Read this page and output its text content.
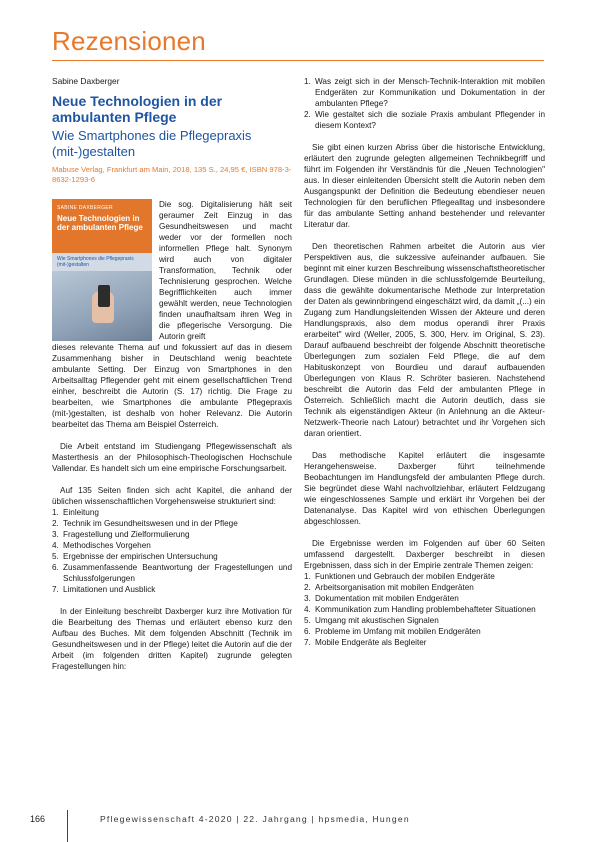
Rezensionen
Sabine Daxberger
Neue Technologien in der ambulanten Pflege
Wie Smartphones die Pflegepraxis (mit-)gestalten
Mabuse Verlag, Frankfurt am Main, 2018, 135 S., 24,95 €, ISBN 978-3-8632-1293-6
SABINE DAXBERGER
Neue Technologien in der ambulanten Pflege
Wie Smartphones die Pflegepraxis (mit-)gestalten

Die sog. Digitalisierung hält seit geraumer Zeit Einzug in das Gesundheitswesen und macht weder vor der formellen noch informellen Pflege halt. Synonym wird auch von digitaler Transformation, Technik oder Technisierung gesprochen. Welche Begrifflichkeiten auch immer gewählt werden, neue Technologien finden unaufhaltsam ihren Weg in die pflegerische Versorgung. Die Autorin greift

dieses relevante Thema auf und fokussiert auf das in diesem Zusammenhang bisher in Deutschland wenig beachtete ambulante Setting. Der Einzug von Smartphones in den Arbeitsalltag Pflegender geht mit einem gesellschaftlichen Trend einher, beschreibt die Autorin (S. 17) richtig. Die Frage zu bearbeiten, wie Smartphones die ambulante Pflegepraxis (mit-)gestalten, ist deshalb von hoher Relevanz. Die Autorin bearbeitet das Thema am Beispiel Österreich.

Die Arbeit entstand im Studiengang Pflegewissenschaft als Masterthesis an der Philosophisch-Theologischen Hochschule Vallendar. Es handelt sich um eine empirische Forschungsarbeit.

Auf 135 Seiten finden sich acht Kapitel, die anhand der üblichen wissenschaftlichen Vorgehensweise strukturiert sind:

1. Einleitung
2. Technik im Gesundheitswesen und in der Pflege
3. Fragestellung und Zielformulierung
4. Methodisches Vorgehen
5. Ergebnisse der empirischen Untersuchung
6. Zusammenfassende Beantwortung der Fragestellungen und Schlussfolgerungen
7. Limitationen und Ausblick

In der Einleitung beschreibt Daxberger kurz ihre Motivation für die Bearbeitung des Themas und erläutert ebenso kurz den Aufbau des Buches. Mit dem folgenden Abschnitt (Technik im Gesundheitswesen und in der Pflege) leitet die Autorin auf die der Arbeit (im folgenden dritten Kapitel) zugrunde gelegten Fragestellungen hin:

1. Was zeigt sich in der Mensch-Technik-Interaktion mit mobilen Endgeräten zur Kommunikation und Dokumentation in der ambulanten Pflege?
2. Wie gestaltet sich die soziale Praxis ambulant Pflegender in diesem Kontext?

Sie gibt einen kurzen Abriss über die historische Entwicklung, erläutert den zugrunde gelegten allgemeinen Technikbegriff und führt im Folgenden ihr Verständnis für die „Neuen Technologien" aus. In dieser einleitenden Übersicht stellt die Autorin neben dem Ausgangspunkt der Definition die Bedeutung ebendieser neuen Technologien für den beruflichen Pflegealltag und insbesondere für das ambulante Setting anhand bestehender und relevanter Literatur dar.

Den theoretischen Rahmen arbeitet die Autorin aus vier Perspektiven aus, die sukzessive aufeinander aufbauen. Sie beginnt mit einer kurzen Beschreibung wissenschaftstheoretischer Grundlagen. Diese münden in die schlussfolgernde Beurteilung, dass die gewählte dokumentarische Methode zur Interpretation der Daten als gewinnbringend eingeschätzt wird, da damit „(...) ein Zugang zum Handlungsleitenden Wissen der Akteure und deren Handlungspraxis, also dem modus operandi ihrer Praxis erarbeitet" wird (Weller, 2005, S. 300, Herv. im Original, S. 23). Darauf aufbauend beschreibt der folgende Abschnitt theoretische Überlegungen zum sozialen Feld Pflege, die auf dem Habituskonzept von Bourdieu und darauf aufbauenden Überlegungen von Klaus R. Schröter basieren. Nachstehend beschreibt die Autorin das Feld der ambulanten Pflege in Österreich. Schließlich macht die Autorin deutlich, dass sie Technik als eigenständigen Akteur (in Anlehnung an die Akteur-Netzwerk-Theorie nach Latour) betrachtet und ihr Vorgehen sich daran orientiert.

Das methodische Kapitel erläutert die insgesamte Herangehensweise. Daxberger führt teilnehmende Beobachtungen im Handlungsfeld der ambulanten Pflege durch. Sie begründet diese Wahl nachvollziehbar, erläutert Feldzugang wie eingeschlossenes Sample und erklärt ihr Vorgehen bei der Datenanalyse. Das Kapitel wird von ethischen Überlegungen abgeschlossen.

Die Ergebnisse werden im Folgenden auf über 60 Seiten umfassend dargestellt. Daxberger beschreibt in diesen Ergebnissen, dass sich in der Empirie zentrale Themen zeigen:

1. Funktionen und Gebrauch der mobilen Endgeräte
2. Arbeitsorganisation mit mobilen Endgeräten
3. Dokumentation mit mobilen Endgeräten
4. Kommunikation zum Handling problembehafteter Situationen
5. Umgang mit akustischen Signalen
6. Probleme im Umfang mit mobilen Endgeräten
7. Mobile Endgeräte als Begleiter
166	Pflegewissenschaft 4-2020 | 22. Jahrgang | hpsmedia, Hungen
